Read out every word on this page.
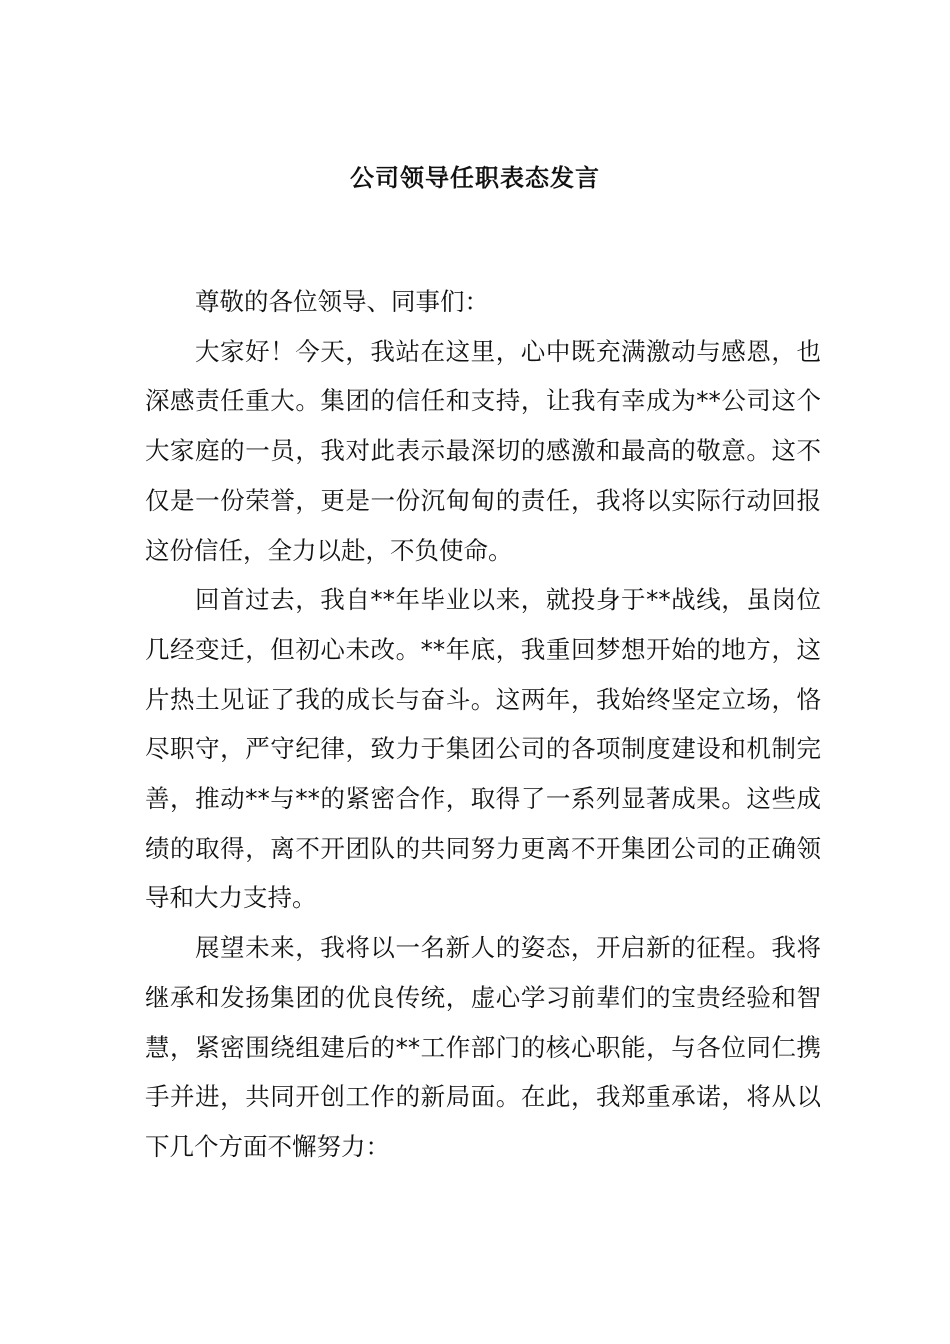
公司领导任职表态发言

尊敬的各位领导、同事们：

大家好！今天，我站在这里，心中既充满激动与感恩，也深感责任重大。集团的信任和支持，让我有幸成为**公司这个大家庭的一员，我对此表示最深切的感激和最高的敬意。这不仅是一份荣誉，更是一份沉甸甸的责任，我将以实际行动回报这份信任，全力以赴，不负使命。

回首过去，我自**年毕业以来，就投身于**战线，虽岗位几经变迁，但初心未改。**年底，我重回梦想开始的地方，这片热土见证了我的成长与奋斗。这两年，我始终坚定立场，恪尽职守，严守纪律，致力于集团公司的各项制度建设和机制完善，推动**与**的紧密合作，取得了一系列显著成果。这些成绩的取得，离不开团队的共同努力更离不开集团公司的正确领导和大力支持。

展望未来，我将以一名新人的姿态，开启新的征程。我将继承和发扬集团的优良传统，虚心学习前辈们的宝贵经验和智慧，紧密围绕组建后的**工作部门的核心职能，与各位同仁携手并进，共同开创工作的新局面。在此，我郑重承诺，将从以下几个方面不懈努力：
